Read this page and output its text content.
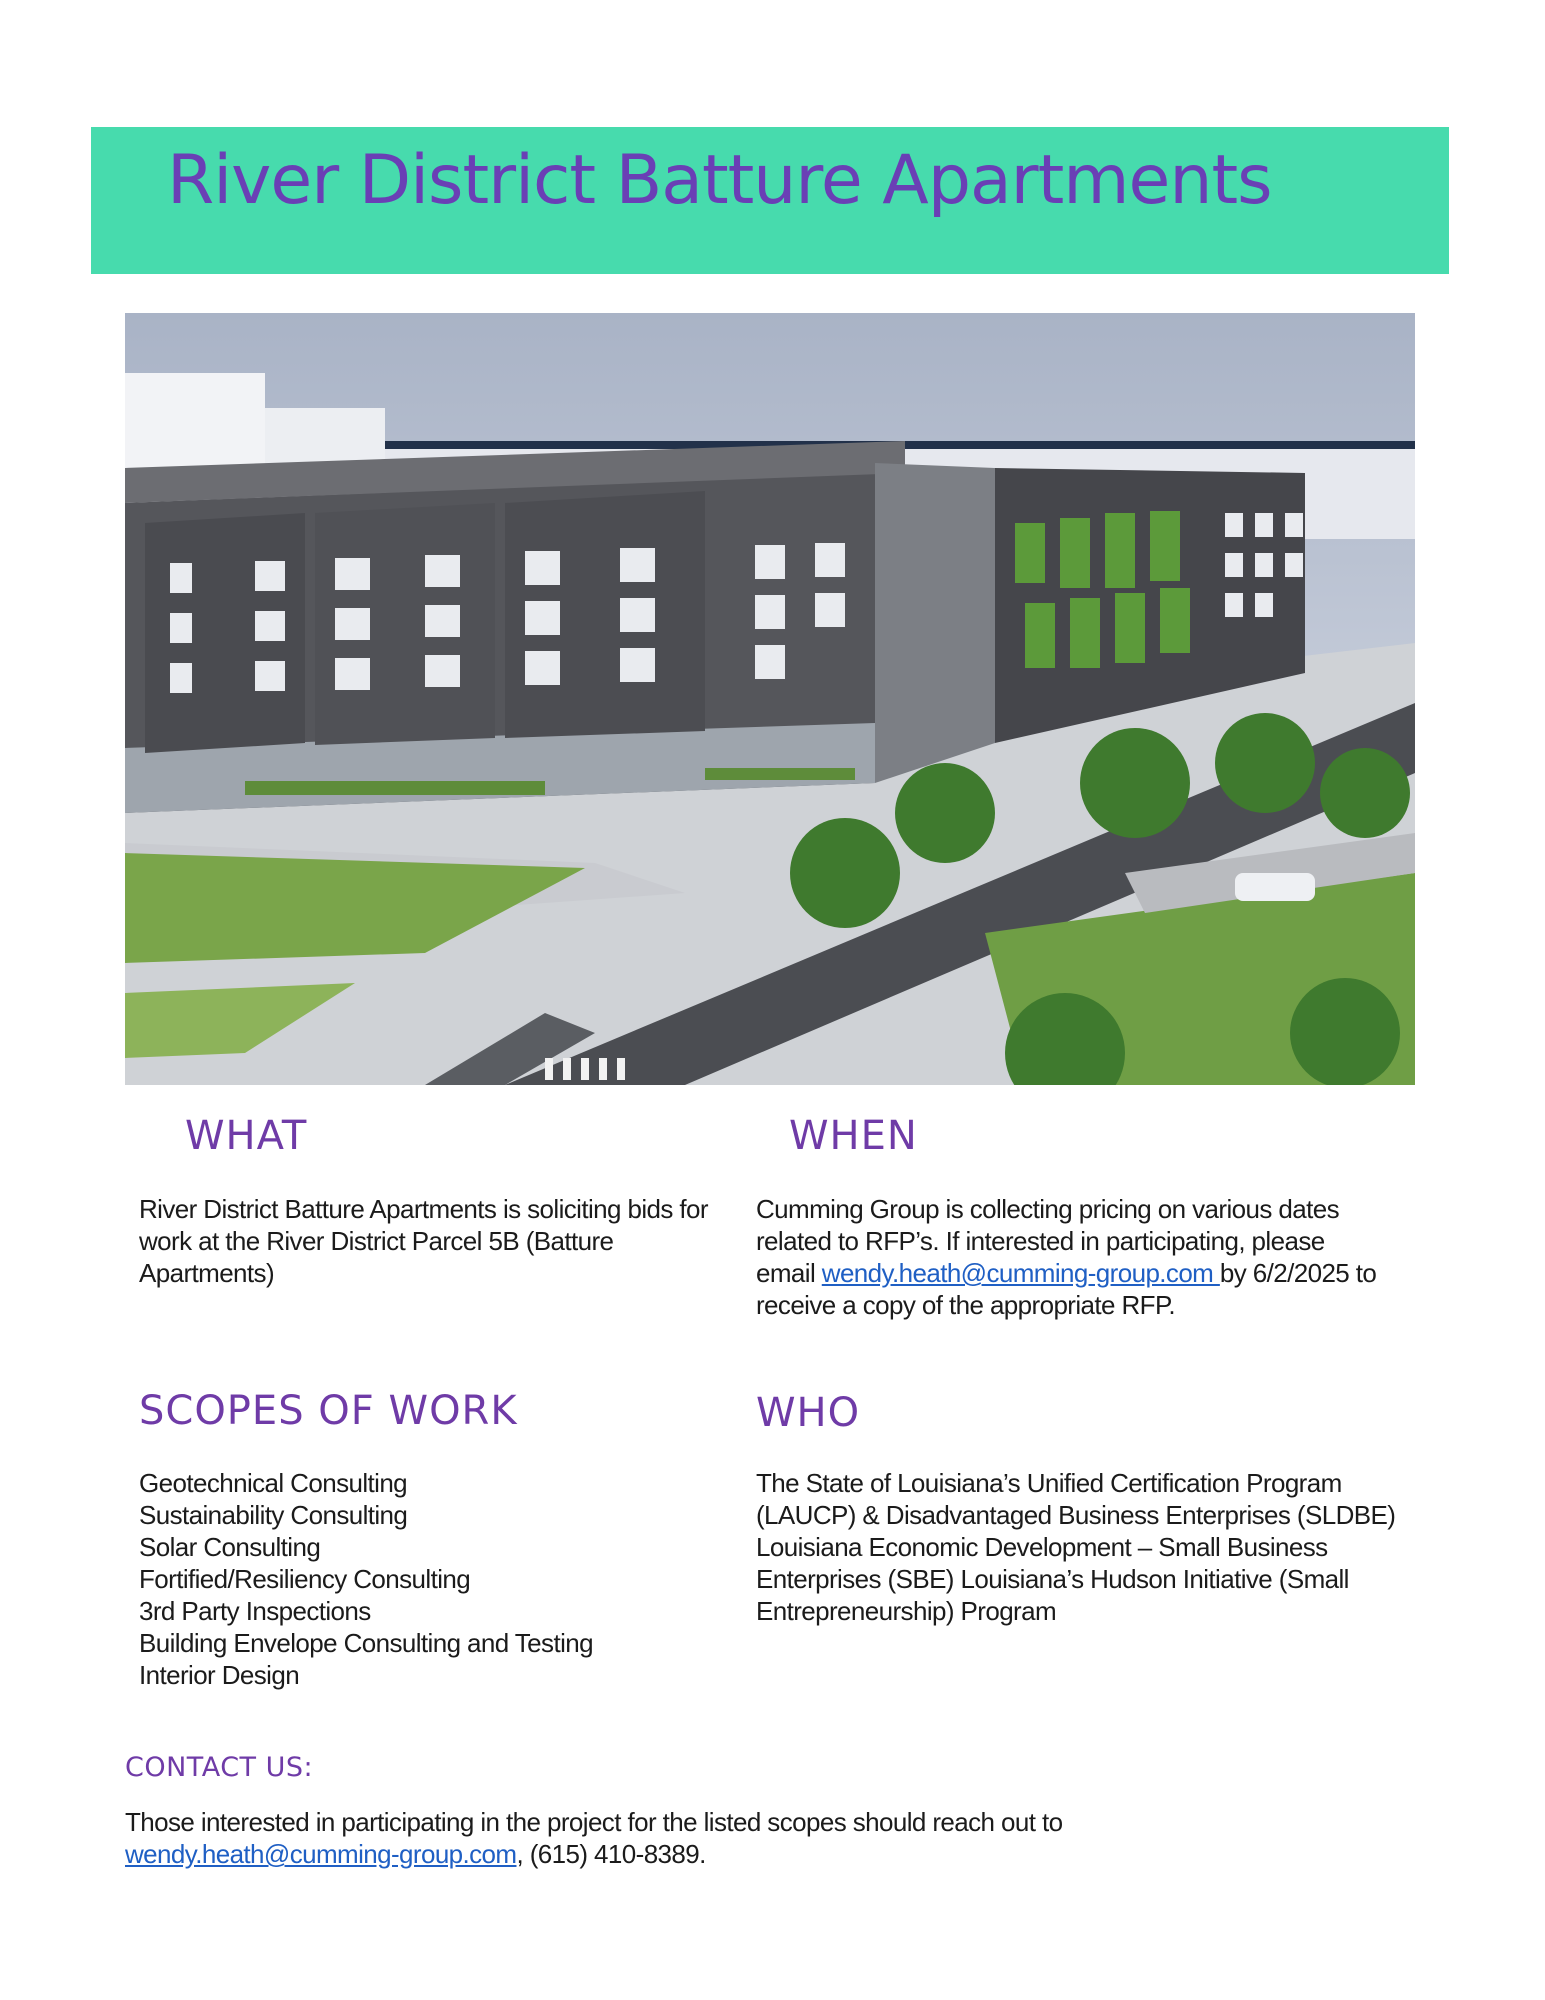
River District Batture Apartments
WHAT

River District Batture Apartments is soliciting bids for work at the River District Parcel 5B (Batture Apartments)

WHEN

Cumming Group is collecting pricing on various dates related to RFP’s. If interested in participating, please email wendy.heath@cumming-group.com by 6/2/2025 to receive a copy of the appropriate RFP.

SCOPES OF WORK
Geotechnical Consulting
Sustainability Consulting
Solar Consulting
Fortified/Resiliency Consulting
3rd Party Inspections
Building Envelope Consulting and Testing
Interior Design
WHO

The State of Louisiana’s Unified Certification Program (LAUCP) & Disadvantaged Business Enterprises (SLDBE) Louisiana Economic Development – Small Business Enterprises (SBE) Louisiana’s Hudson Initiative (Small Entrepreneurship) Program

CONTACT US:

Those interested in participating in the project for the listed scopes should reach out to

wendy.heath@cumming-group.com, (615) 410-8389.
